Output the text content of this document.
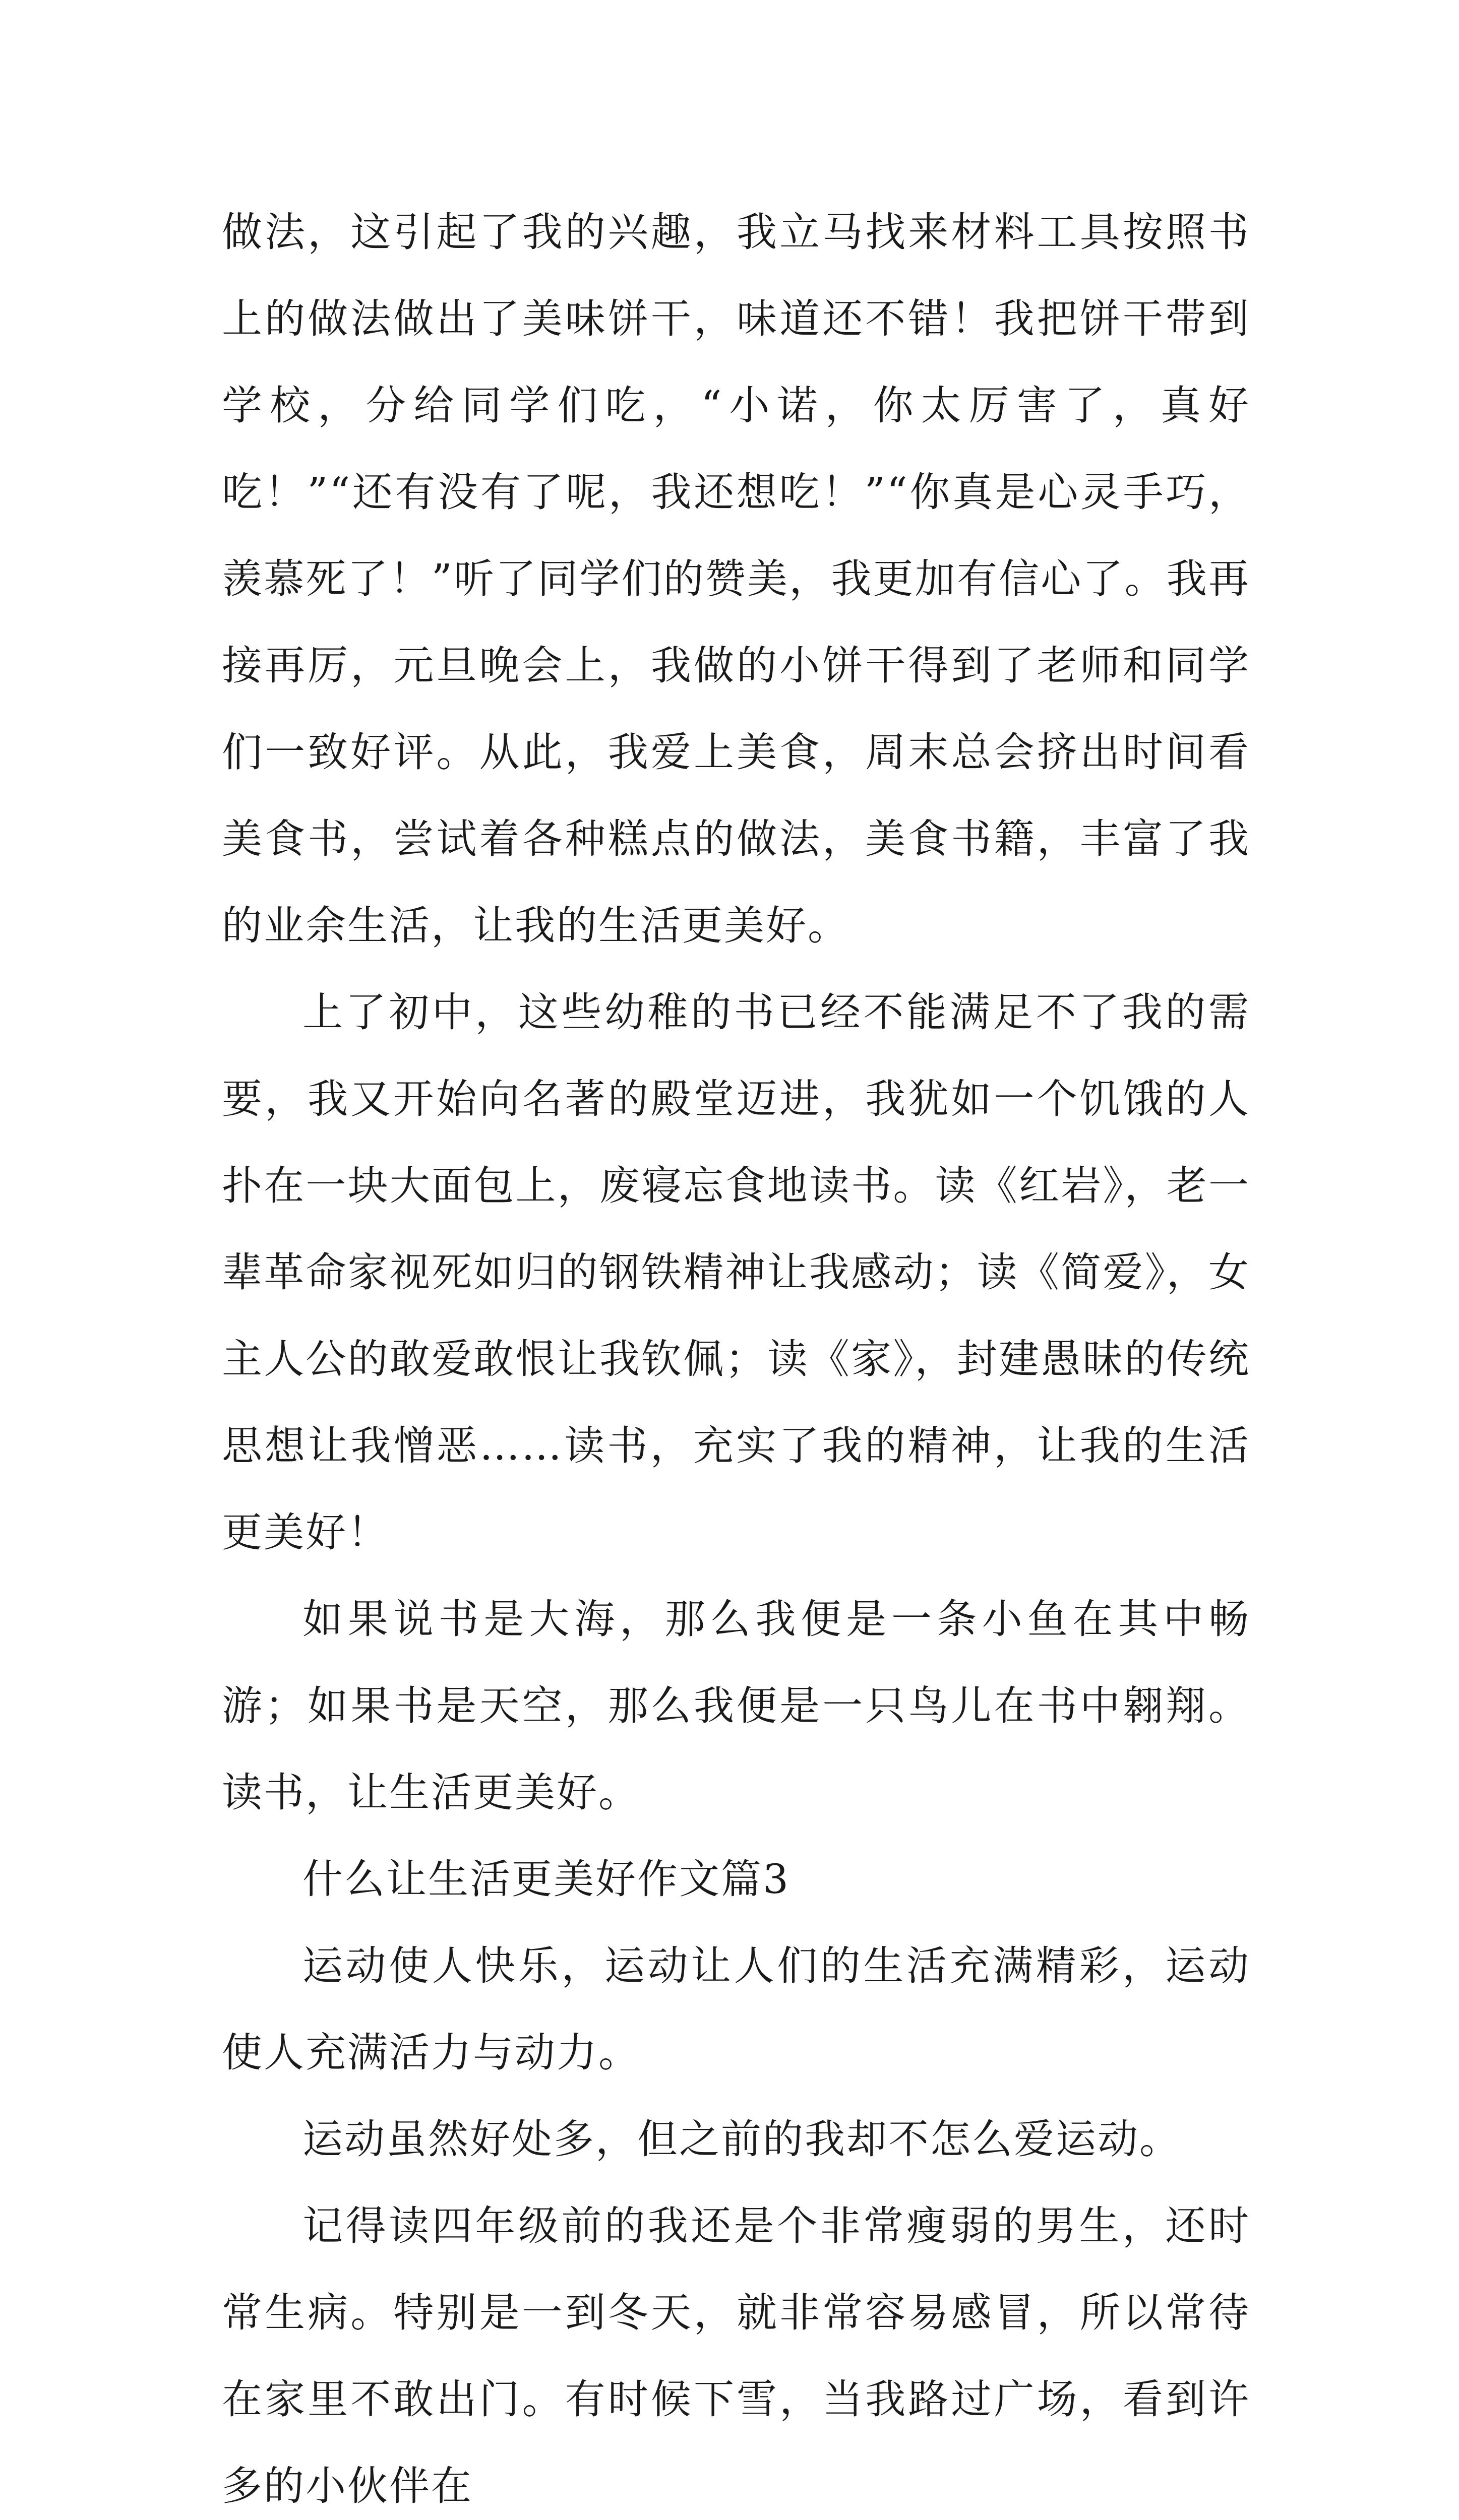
做法，这引起了我的兴趣，我立马找来材料工具按照书上的做法做出了美味饼干，味道还不错！我把饼干带到学校，分给同学们吃，“小诺，你太厉害了，真好吃！”“还有没有了呢，我还想吃！”“你真是心灵手巧，羡慕死了！”听了同学们的赞美，我更加有信心了。我再接再厉，元旦晚会上，我做的小饼干得到了老师和同学们一致好评。从此，我爱上美食，周末总会挤出时间看美食书，尝试着各种糕点的做法，美食书籍，丰富了我的业余生活，让我的生活更美好。

上了初中，这些幼稚的书已经不能满足不了我的需要，我又开始向名著的殿堂迈进，我犹如一个饥饿的人扑在一块大面包上，废寝忘食地读书。读《红岩》，老一辈革命家视死如归的钢铁精神让我感动；读《简爱》，女主人公的敢爱敢恨让我钦佩；读《家》，封建愚昧的传统思想让我憎恶……读书，充实了我的精神，让我的生活更美好！

如果说书是大海，那么我便是一条小鱼在其中畅游；如果书是天空，那么我便是一只鸟儿在书中翱翔。读书，让生活更美好。

什么让生活更美好作文篇3

运动使人快乐，运动让人们的生活充满精彩，运动使人充满活力与动力。

运动虽然好处多，但之前的我却不怎么爱运动。

记得读四年级前的我还是个非常瘦弱的男生，还时常生病。特别是一到冬天，就非常容易感冒，所以常待在家里不敢出门。有时候下雪，当我路过广场，看到许多的小伙伴在
